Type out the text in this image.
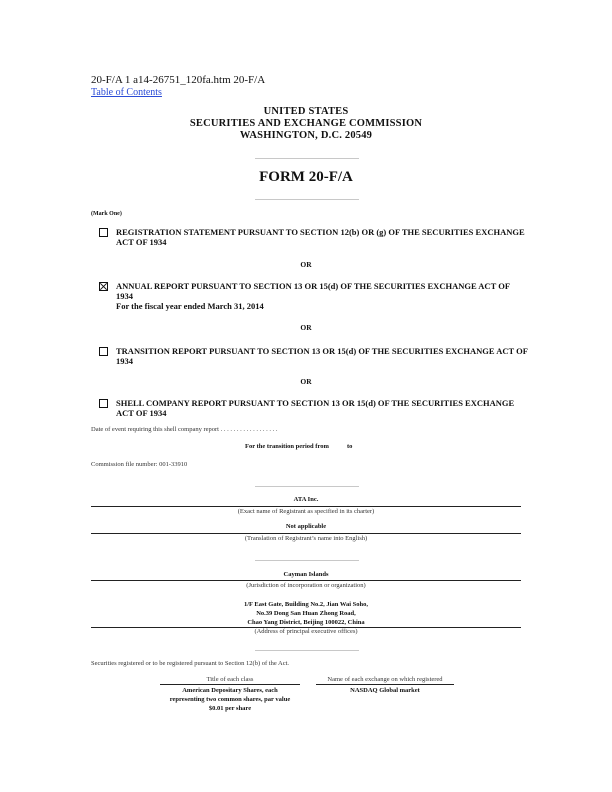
20-F/A 1 a14-26751_120fa.htm 20-F/A
Table of Contents
UNITED STATES
SECURITIES AND EXCHANGE COMMISSION
WASHINGTON, D.C. 20549
FORM 20-F/A
(Mark One)
REGISTRATION STATEMENT PURSUANT TO SECTION 12(b) OR (g) OF THE SECURITIES EXCHANGE ACT OF 1934
OR
ANNUAL REPORT PURSUANT TO SECTION 13 OR 15(d) OF THE SECURITIES EXCHANGE ACT OF 1934
For the fiscal year ended March 31, 2014
OR
TRANSITION REPORT PURSUANT TO SECTION 13 OR 15(d) OF THE SECURITIES EXCHANGE ACT OF 1934
OR
SHELL COMPANY REPORT PURSUANT TO SECTION 13 OR 15(d) OF THE SECURITIES EXCHANGE ACT OF 1934
Date of event requiring this shell company report . . . . . . . . . . . . . . . . . .
For the transition period from	to
Commission file number: 001-33910
ATA Inc.
(Exact name of Registrant as specified in its charter)
Not applicable
(Translation of Registrant’s name into English)
Cayman Islands
(Jurisdiction of incorporation or organization)
1/F East Gate, Building No.2, Jian Wai Soho,
No.39 Dong San Huan Zhong Road,
Chao Yang District, Beijing 100022, China
(Address of principal executive offices)
Securities registered or to be registered pursuant to Section 12(b) of the Act.
Title of each class	Name of each exchange on which registered
American Depositary Shares, each
representing two common shares, par value
$0.01 per share
NASDAQ Global market
